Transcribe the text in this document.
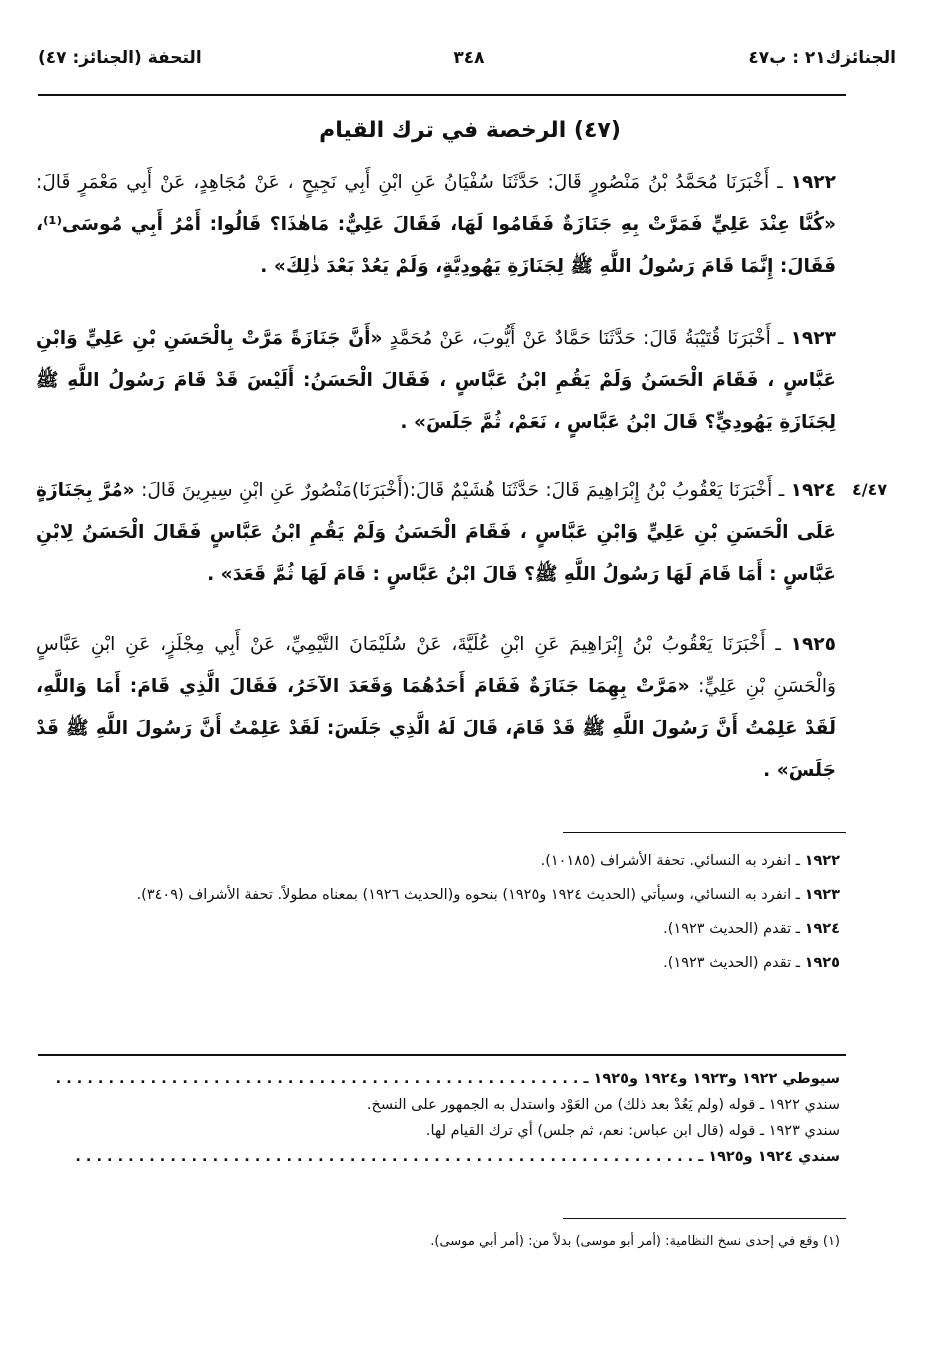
الجنائزك٢١ : ب٤٧
٣٤٨
التحفة (الجنائز: ٤٧)
(٤٧) الرخصة في ترك القيام
١٩٢٢ ـ أَخْبَرَنَا مُحَمَّدُ بْنُ مَنْصُورٍ قَالَ: حَدَّثَنَا سُفْيَانُ عَنِ ابْنِ أَبِي نَجِيحٍ ، عَنْ مُجَاهِدٍ، عَنْ أَبِي مَعْمَرٍ قَالَ: «كُنَّا عِنْدَ عَلِيٍّ فَمَرَّتْ بِهِ جَنَازَةٌ فَقَامُوا لَهَا، فَقَالَ عَلِيٌّ: مَاهٰذَا؟ قَالُوا: أَمْرُ أَبِي مُوسَى⁽¹⁾، فَقَالَ: إِنَّمَا قَامَ رَسُولُ اللَّهِ ﷺ لِجَنَازَةِ يَهُودِيَّةٍ، وَلَمْ يَعُدْ بَعْدَ ذٰلِكَ» .
١٩٢٣ ـ أَخْبَرَنَا قُتَيْبَةُ قَالَ: حَدَّثَنَا حَمَّادٌ عَنْ أَيُّوبَ، عَنْ مُحَمَّدٍ «أَنَّ جَنَازَةً مَرَّتْ بِالْحَسَنِ بْنِ عَلِيٍّ وَابْنِ عَبَّاسٍ ، فَقَامَ الْحَسَنُ وَلَمْ يَقُمِ ابْنُ عَبَّاسٍ ، فَقَالَ الْحَسَنُ: أَلَيْسَ قَدْ قَامَ رَسُولُ اللَّهِ ﷺ لِجَنَازَةِ يَهُودِيٍّ؟ قَالَ ابْنُ عَبَّاسٍ ، نَعَمْ، ثُمَّ جَلَسَ» .
٤/٤٧
١٩٢٤ ـ أَخْبَرَنَا يَعْقُوبُ بْنُ إِبْرَاهِيمَ قَالَ: حَدَّثَنَا هُشَيْمٌ قَالَ:(أَخْبَرَنَا)مَنْصُورٌ عَنِ ابْنِ سِيرِينَ قَالَ: «مُرَّ بِجَنَازَةٍ عَلَى الْحَسَنِ بْنِ عَلِيٍّ وَابْنِ عَبَّاسٍ ، فَقَامَ الْحَسَنُ وَلَمْ يَقُمِ ابْنُ عَبَّاسٍ فَقَالَ الْحَسَنُ لِابْنِ عَبَّاسٍ : أَمَا قَامَ لَهَا رَسُولُ اللَّهِ ﷺ؟ قَالَ ابْنُ عَبَّاسٍ : قَامَ لَهَا ثُمَّ قَعَدَ» .
١٩٢٥ ـ أَخْبَرَنَا يَعْقُوبُ بْنُ إِبْرَاهِيمَ عَنِ ابْنِ عُلَيَّةَ، عَنْ سُلَيْمَانَ التَّيْمِيِّ، عَنْ أَبِي مِجْلَزٍ، عَنِ ابْنِ عَبَّاسٍ وَالْحَسَنِ بْنِ عَلِيٍّ: «مَرَّتْ بِهِمَا جَنَازَةٌ فَقَامَ أَحَدُهُمَا وَقَعَدَ الآخَرُ، فَقَالَ الَّذِي قَامَ: أَمَا وَاللَّهِ، لَقَدْ عَلِمْتُ أَنَّ رَسُولَ اللَّهِ ﷺ قَدْ قَامَ، قَالَ لَهُ الَّذِي جَلَسَ: لَقَدْ عَلِمْتُ أَنَّ رَسُولَ اللَّهِ ﷺ قَدْ جَلَسَ» .
١٩٢٢ ـ انفرد به النسائي. تحفة الأشراف (١٠١٨٥).
١٩٢٣ ـ انفرد به النسائي، وسيأتي (الحديث ١٩٢٤ و١٩٢٥) بنحوه و(الحديث ١٩٢٦) بمعناه مطولاً. تحفة الأشراف (٣٤٠٩).
١٩٢٤ ـ تقدم (الحديث ١٩٢٣).
١٩٢٥ ـ تقدم (الحديث ١٩٢٣).
سيوطي ١٩٢٢ و١٩٢٣ و١٩٢٤ و١٩٢٥ ـ . . . . . . . . . . . . . . . . . . . . . . . . . . . . . . . . . . . . . . . . . . . . . . . . . .
سندي ١٩٢٢ ـ قوله (ولم يَعُدْ بعد ذلك) من العَوْد واستدل به الجمهور على النسخ.
سندي ١٩٢٣ ـ قوله (قال ابن عباس: نعم، ثم جلس) أي ترك القيام لها.
سندي ١٩٢٤ و١٩٢٥ ـ . . . . . . . . . . . . . . . . . . . . . . . . . . . . . . . . . . . . . . . . . . . . . . . . . . . . . . . . . . .
(١) وقع في إحدى نسخ النظامية: (أمر أبو موسى) بدلاً من: (أمر أبي موسى).
